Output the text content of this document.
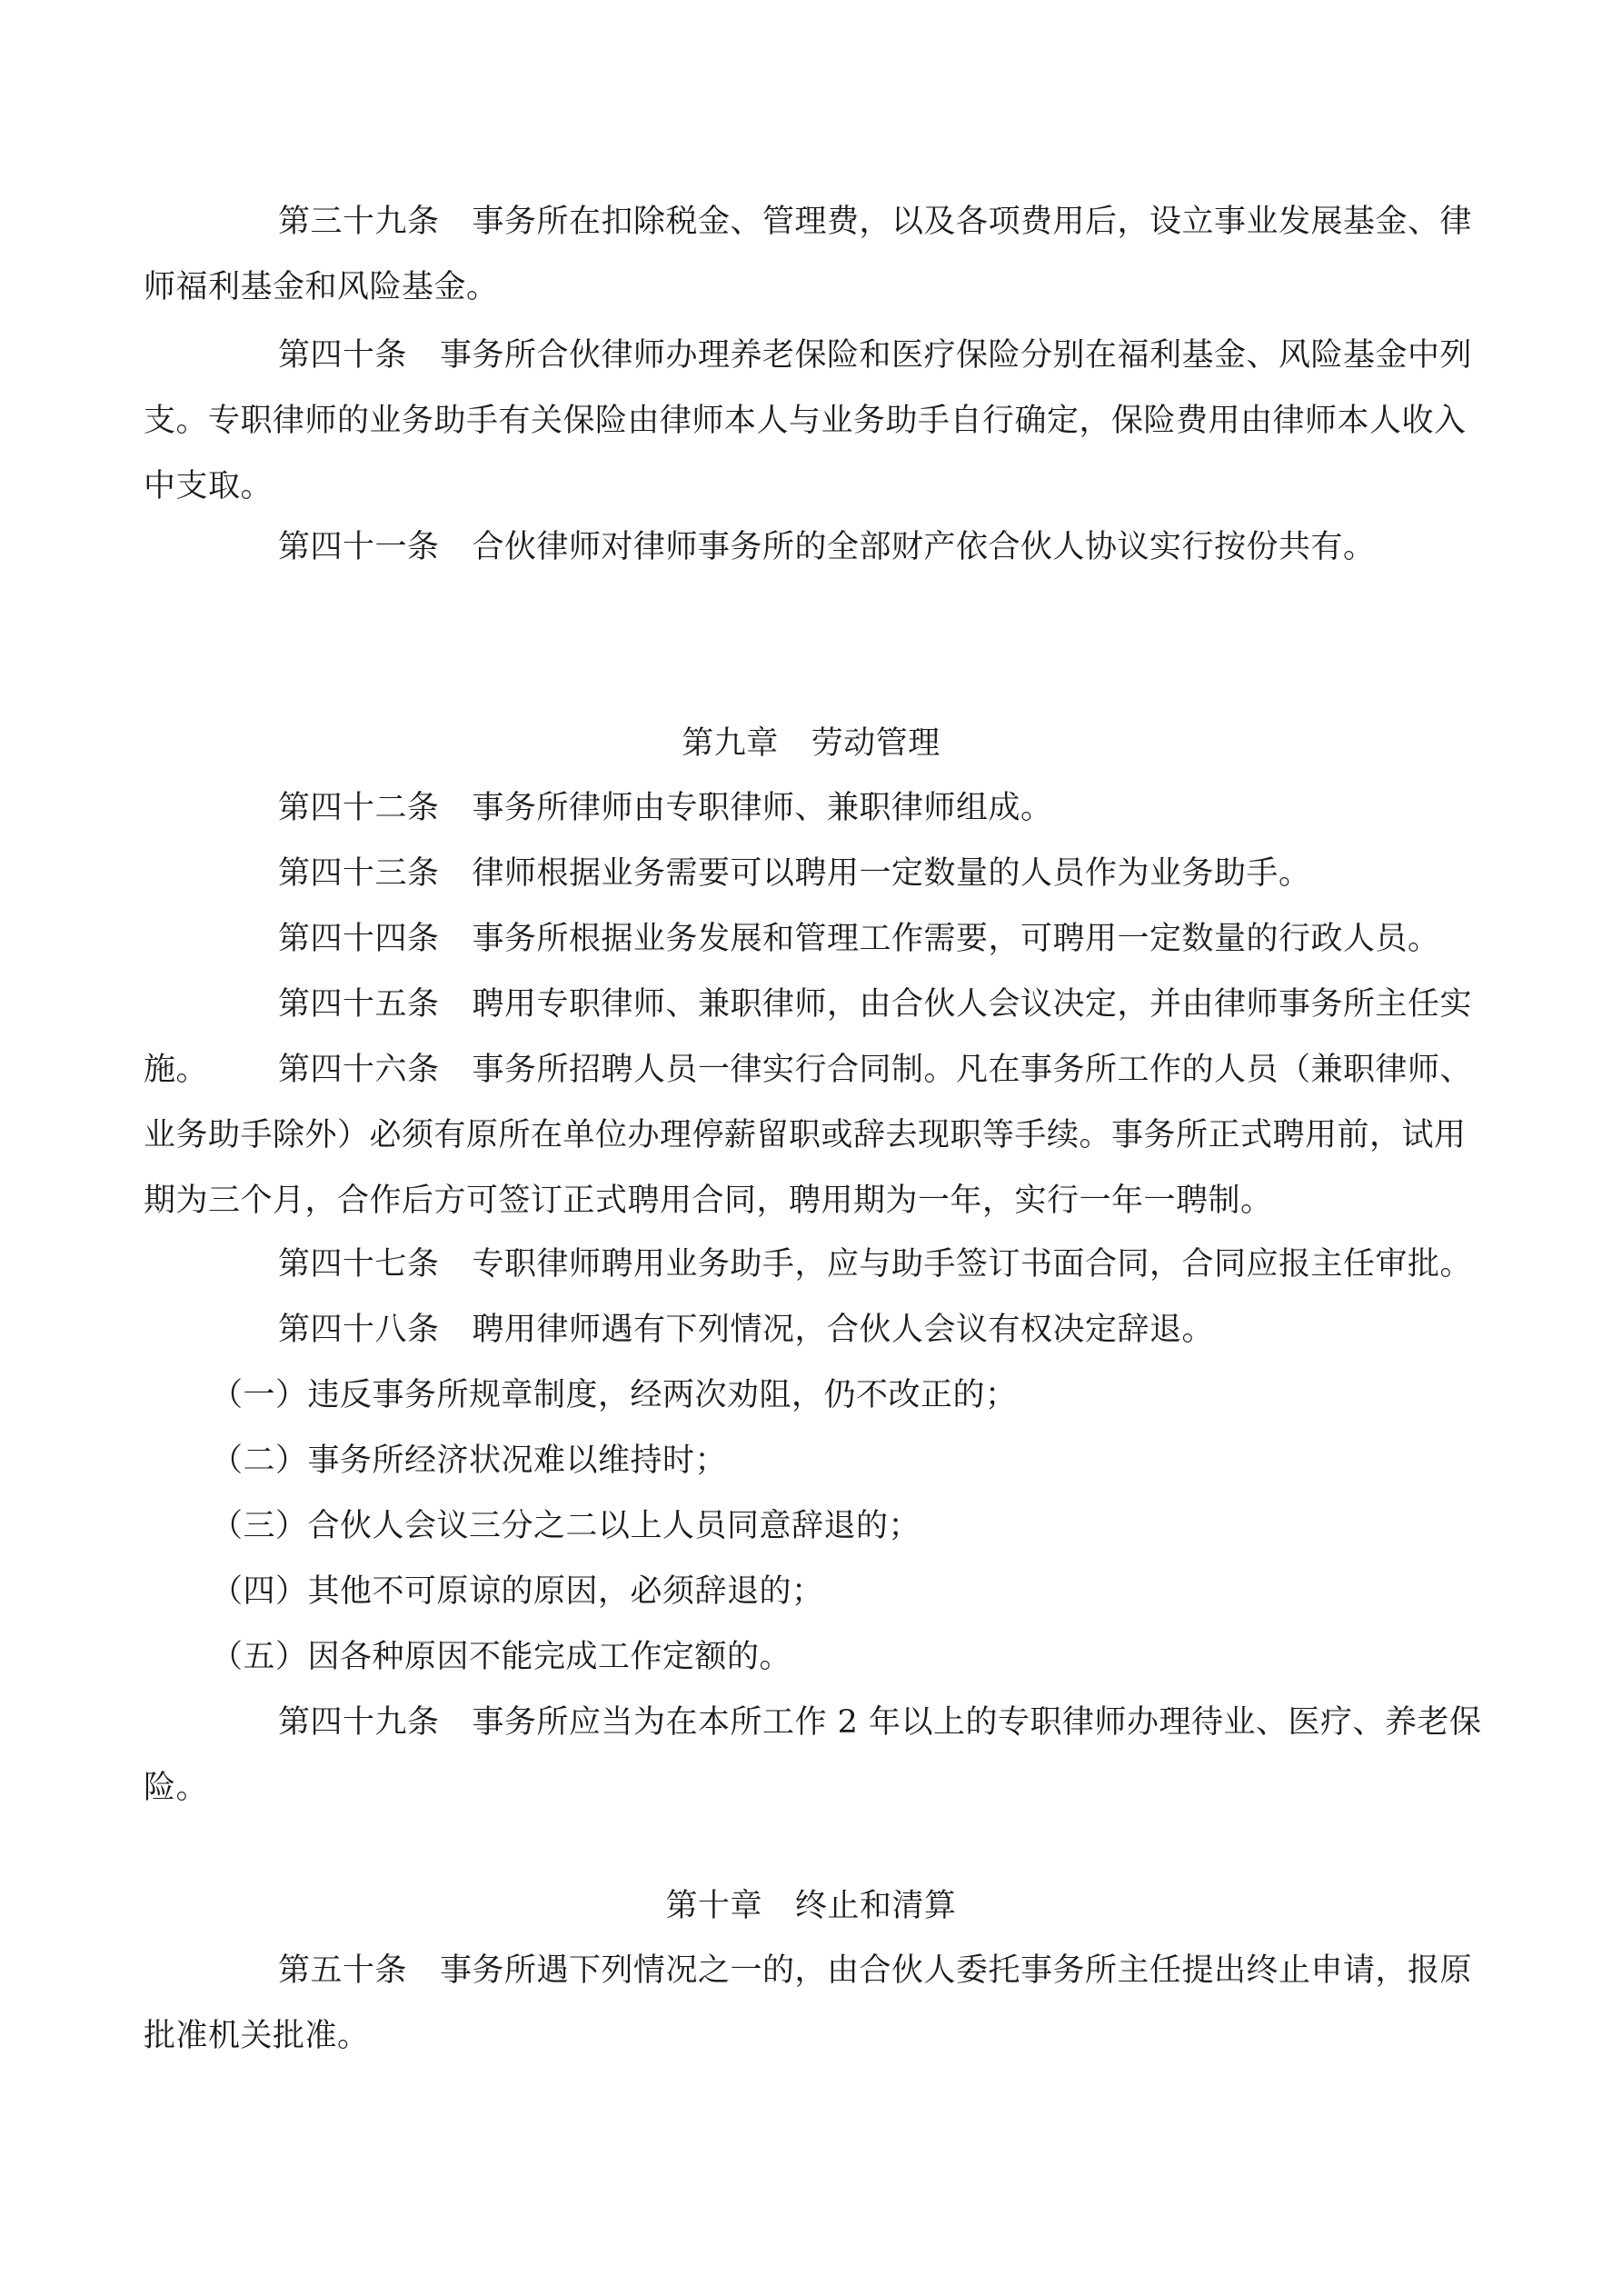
第三十九条 事务所在扣除税金、管理费，以及各项费用后，设立事业发展基金、律师福利基金和风险基金。

第四十条 事务所合伙律师办理养老保险和医疗保险分别在福利基金、风险基金中列支。专职律师的业务助手有关保险由律师本人与业务助手自行确定，保险费用由律师本人收入中支取。

第四十一条 合伙律师对律师事务所的全部财产依合伙人协议实行按份共有。

第九章 劳动管理

第四十二条 事务所律师由专职律师、兼职律师组成。

第四十三条 律师根据业务需要可以聘用一定数量的人员作为业务助手。

第四十四条 事务所根据业务发展和管理工作需要，可聘用一定数量的行政人员。

第四十五条 聘用专职律师、兼职律师，由合伙人会议决定，并由律师事务所主任实施。	第四十六条 事务所招聘人员一律实行合同制。凡在事务所工作的人员（兼职律师、业务助手除外）必须有原所在单位办理停薪留职或辞去现职等手续。事务所正式聘用前，试用期为三个月，合作后方可签订正式聘用合同，聘用期为一年，实行一年一聘制。

第四十七条 专职律师聘用业务助手，应与助手签订书面合同，合同应报主任审批。

第四十八条 聘用律师遇有下列情况，合伙人会议有权决定辞退。

（一）违反事务所规章制度，经两次劝阻，仍不改正的；

（二）事务所经济状况难以维持时；

（三）合伙人会议三分之二以上人员同意辞退的；

（四）其他不可原谅的原因，必须辞退的；

（五）因各种原因不能完成工作定额的。

第四十九条 事务所应当为在本所工作 2 年以上的专职律师办理待业、医疗、养老保险。

第十章 终止和清算

第五十条 事务所遇下列情况之一的，由合伙人委托事务所主任提出终止申请，报原批准机关批准。
